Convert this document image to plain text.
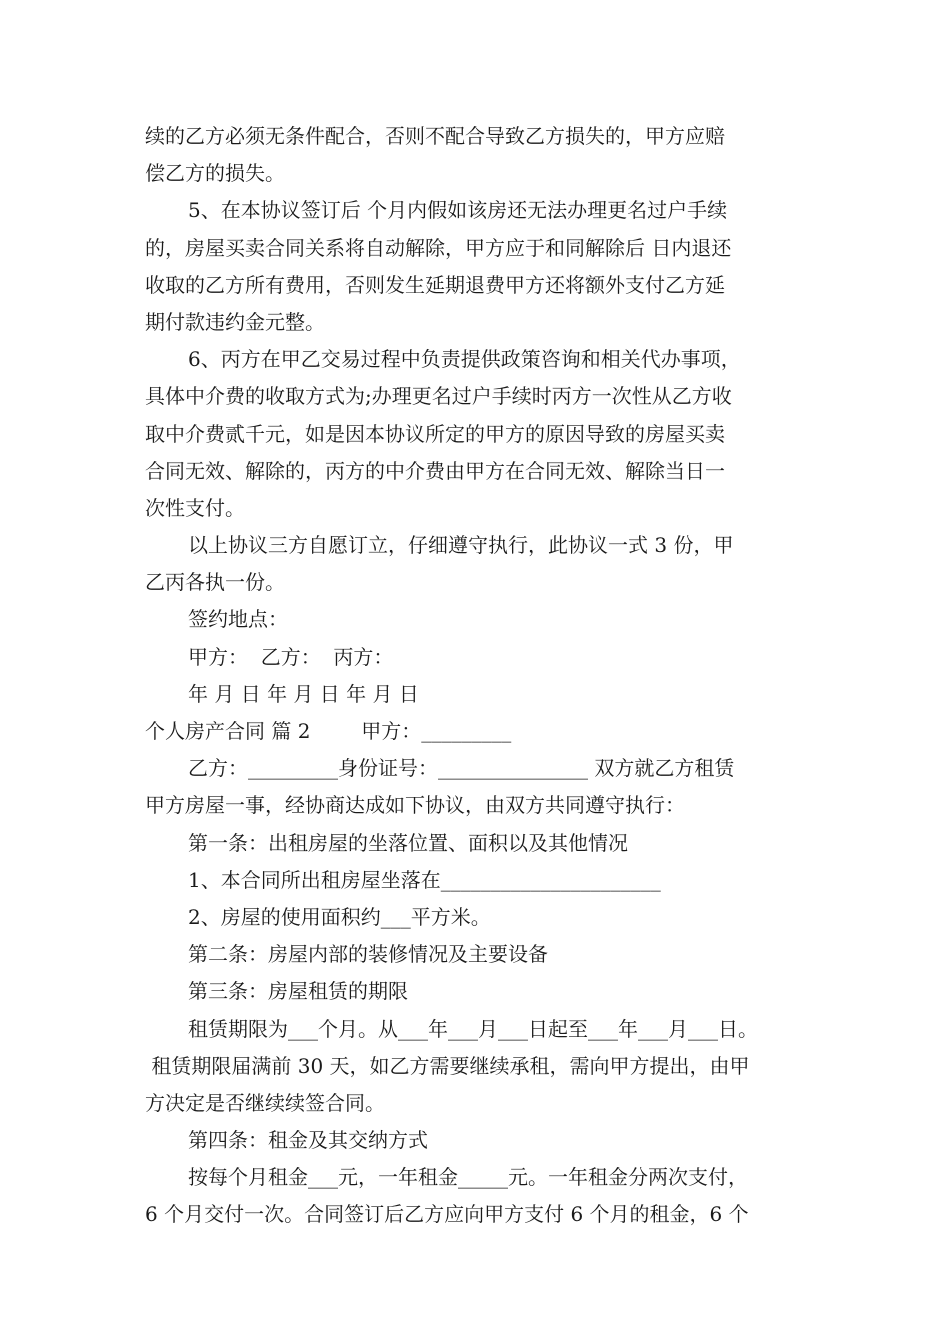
续的乙方必须无条件配合，否则不配合导致乙方损失的，甲方应赔
偿乙方的损失。
5、在本协议签订后 个月内假如该房还无法办理更名过户手续
的，房屋买卖合同关系将自动解除，甲方应于和同解除后 日内退还
收取的乙方所有费用，否则发生延期退费甲方还将额外支付乙方延
期付款违约金元整。
6、丙方在甲乙交易过程中负责提供政策咨询和相关代办事项，
具体中介费的收取方式为;办理更名过户手续时丙方一次性从乙方收
取中介费贰千元，如是因本协议所定的甲方的原因导致的房屋买卖
合同无效、解除的，丙方的中介费由甲方在合同无效、解除当日一
次性支付。
以上协议三方自愿订立，仔细遵守执行，此协议一式 3 份，甲
乙丙各执一份。
签约地点：
甲方：  乙方：  丙方：
年 月 日 年 月 日 年 月 日
个人房产合同 篇 2        甲方：_________
乙方：_________身份证号：_______________ 双方就乙方租赁
甲方房屋一事，经协商达成如下协议，由双方共同遵守执行：
第一条：出租房屋的坐落位置、面积以及其他情况
1、本合同所出租房屋坐落在______________________
2、房屋的使用面积约___平方米。
第二条：房屋内部的装修情况及主要设备
第三条：房屋租赁的期限
租赁期限为___个月。从___年___月___日起至___年___月___日。
租赁期限届满前 30 天，如乙方需要继续承租，需向甲方提出，由甲
方决定是否继续续签合同。
第四条：租金及其交纳方式
按每个月租金___元，一年租金_____元。一年租金分两次支付，
6 个月交付一次。合同签订后乙方应向甲方支付 6 个月的租金，6 个
